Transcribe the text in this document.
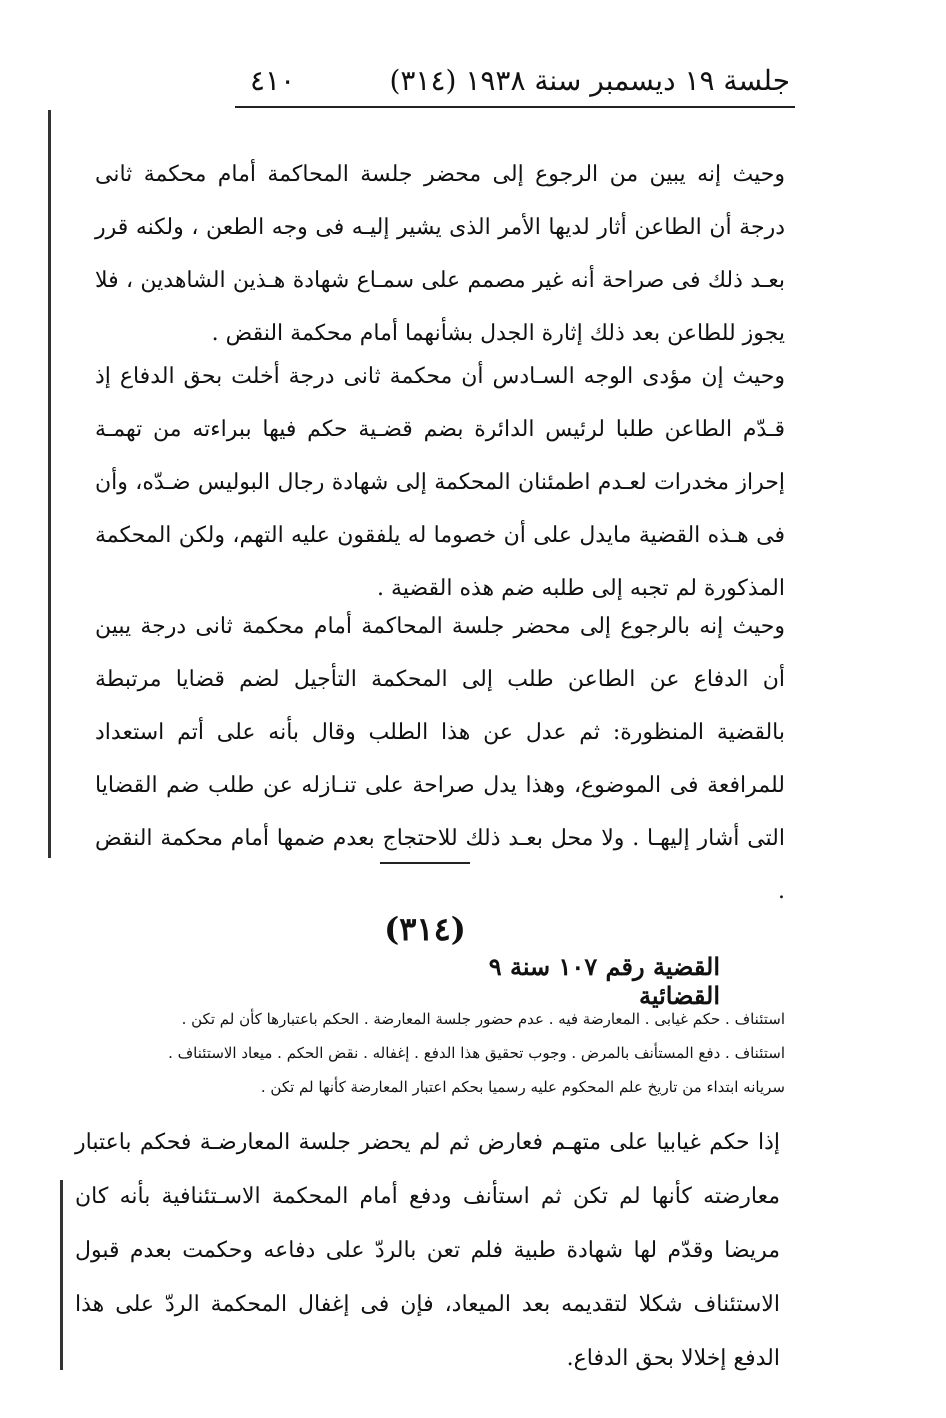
٤١٠	جلسة ١٩ ديسمبر سنة ١٩٣٨ (٣١٤)

وحيث إنه يبين من الرجوع إلى محضر جلسة المحاكمة أمام محكمة ثانى درجة أن الطاعن أثار لديها الأمر الذى يشير إليـه فى وجه الطعن ، ولكنه قرر بعـد ذلك فى صراحة أنه غير مصمم على سمـاع شهادة هـذين الشاهدين ، فلا يجوز للطاعن بعد ذلك إثارة الجدل بشأنهما أمام محكمة النقض .

وحيث إن مؤدى الوجه السـادس أن محكمة ثانى درجة أخلت بحق الدفاع إذ قـدّم الطاعن طلبا لرئيس الدائرة بضم قضـية حكم فيها ببراءته من تهمـة إحراز مخدرات لعـدم اطمئنان المحكمة إلى شهادة رجال البوليس ضـدّه، وأن فى هـذه القضية مايدل على أن خصوما له يلفقون عليه التهم، ولكن المحكمة المذكورة لم تجبه إلى طلبه ضم هذه القضية .

وحيث إنه بالرجوع إلى محضر جلسة المحاكمة أمام محكمة ثانى درجة يبين أن الدفاع عن الطاعن طلب إلى المحكمة التأجيل لضم قضايا مرتبطة بالقضية المنظورة: ثم عدل عن هذا الطلب وقال بأنه على أتم استعداد للمرافعة فى الموضوع، وهذا يدل صراحة على تنـازله عن طلب ضم القضايا التى أشار إليهـا . ولا محل بعـد ذلك للاحتجاج بعدم ضمها أمام محكمة النقض .

(٣١٤)
القضية رقم ١٠٧ سنة ٩ القضائية

استئناف . حكم غيابى . المعارضة فيه . عدم حضور جلسة المعارضة . الحكم باعتبارها كأن لم تكن .

استئناف . دفع المستأنف بالمرض . وجوب تحقيق هذا الدفع . إغفاله . نقض الحكم . ميعاد الاستئناف .

سريانه ابتداء من تاريخ علم المحكوم عليه رسميا بحكم اعتبار المعارضة كأنها لم تكن .

إذا حكم غيابيا على متهـم فعارض ثم لم يحضر جلسة المعارضـة فحكم باعتبار معارضته كأنها لم تكن ثم استأنف ودفع أمام المحكمة الاسـتئنافية بأنه كان مريضا وقدّم لها شهادة طبية فلم تعن بالردّ على دفاعه وحكمت بعدم قبول الاستئناف شكلا لتقديمه بعد الميعاد، فإن فى إغفال المحكمة الردّ على هذا الدفع إخلالا بحق الدفاع.
